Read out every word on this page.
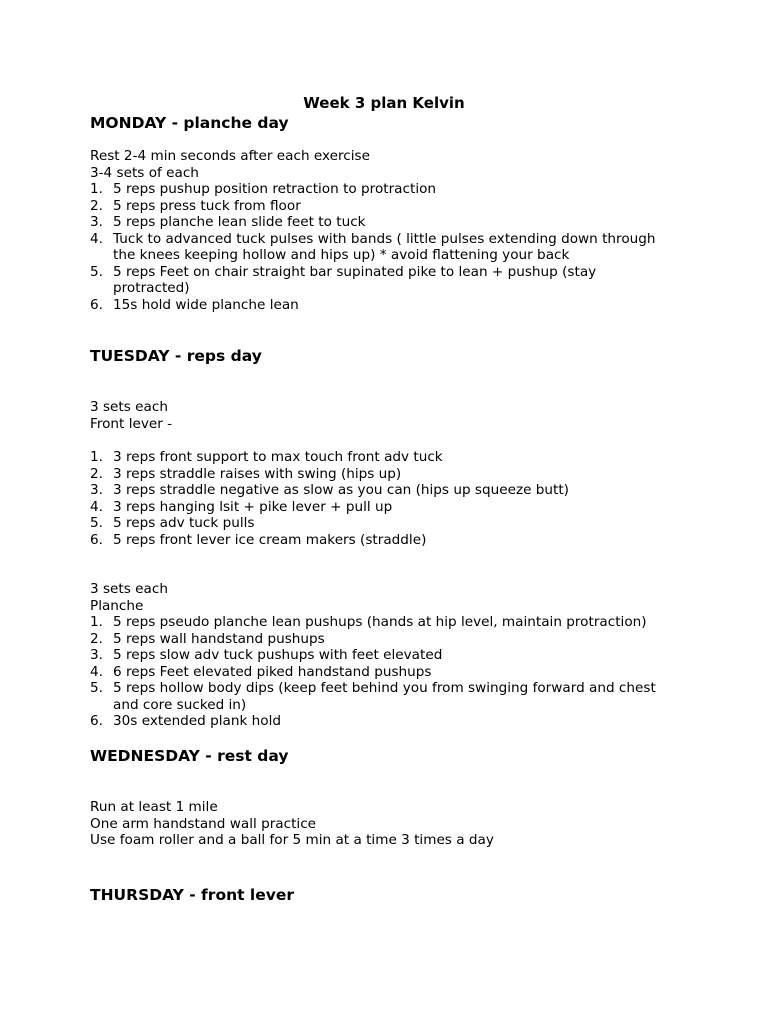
Week 3 plan Kelvin
MONDAY - planche day
Rest 2-4 min seconds after each exercise
3-4 sets of each
1. 5 reps pushup position retraction to protraction
2. 5 reps press tuck from floor
3. 5 reps planche lean slide feet to tuck
4. Tuck to advanced tuck pulses with bands ( little pulses extending down through
the knees keeping hollow and hips up) * avoid flattening your back
5. 5 reps Feet on chair straight bar supinated pike to lean + pushup (stay
protracted)
6. 15s hold wide planche lean
TUESDAY - reps day
3 sets each
Front lever -
1. 3 reps front support to max touch front adv tuck
2. 3 reps straddle raises with swing (hips up)
3. 3 reps straddle negative as slow as you can (hips up squeeze butt)
4. 3 reps hanging lsit + pike lever + pull up
5. 5 reps adv tuck pulls
6. 5 reps front lever ice cream makers (straddle)
3 sets each
Planche
1. 5 reps pseudo planche lean pushups (hands at hip level, maintain protraction)
2. 5 reps wall handstand pushups
3. 5 reps slow adv tuck pushups with feet elevated
4. 6 reps Feet elevated piked handstand pushups
5. 5 reps hollow body dips (keep feet behind you from swinging forward and chest
and core sucked in)
6. 30s extended plank hold
WEDNESDAY - rest day
Run at least 1 mile
One arm handstand wall practice
Use foam roller and a ball for 5 min at a time 3 times a day
THURSDAY - front lever
